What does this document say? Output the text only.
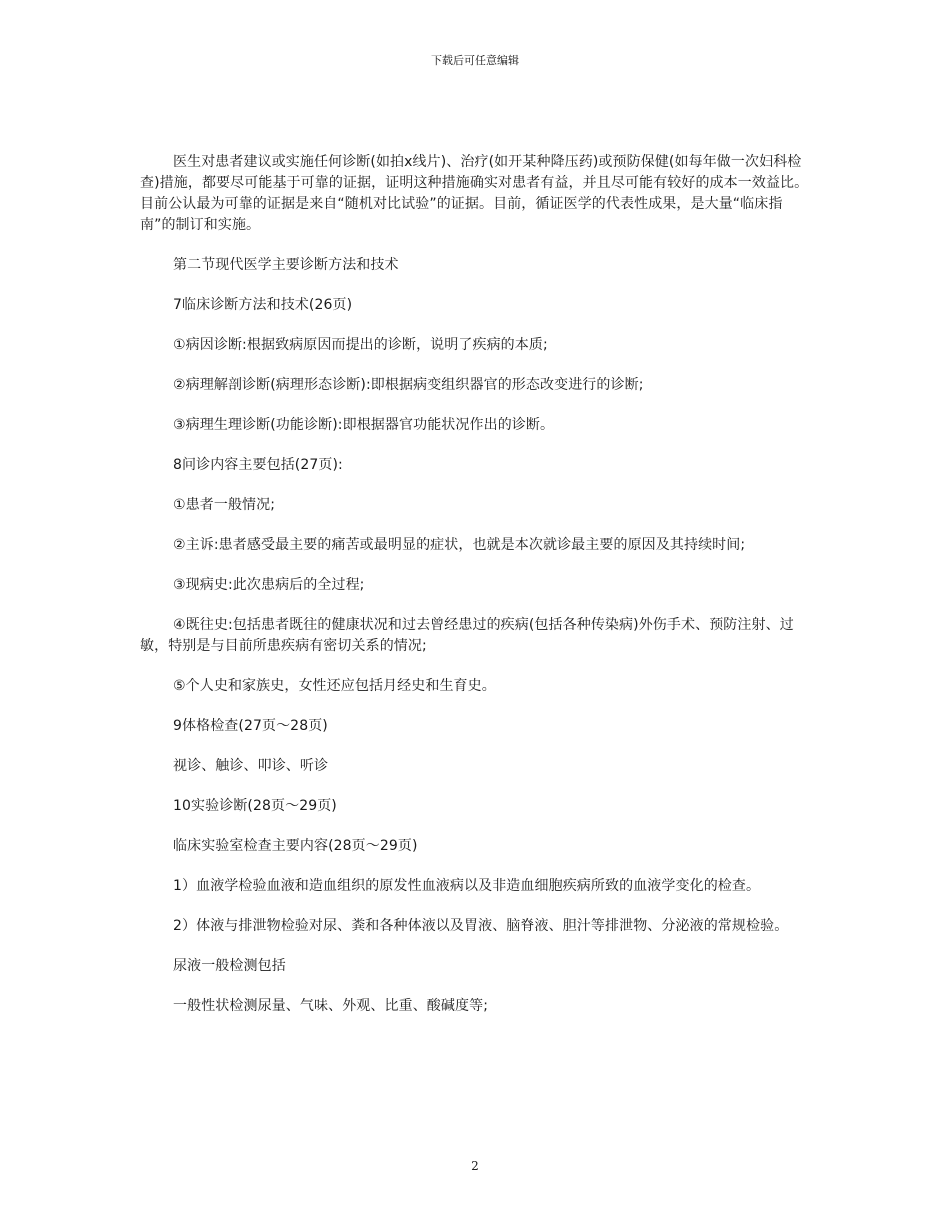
下载后可任意编辑

医生对患者建议或实施任何诊断(如拍x线片)、治疗(如开某种降压药)或预防保健(如每年做一次妇科检查)措施，都要尽可能基于可靠的证据，证明这种措施确实对患者有益，并且尽可能有较好的成本一效益比。目前公认最为可靠的证据是来自“随机对比试验”的证据。目前，循证医学的代表性成果，是大量“临床指南”的制订和实施。

第二节现代医学主要诊断方法和技术

7临床诊断方法和技术(26页)

①病因诊断:根据致病原因而提出的诊断，说明了疾病的本质;

②病理解剖诊断(病理形态诊断):即根据病变组织器官的形态改变进行的诊断;

③病理生理诊断(功能诊断):即根据器官功能状况作出的诊断。

8问诊内容主要包括(27页):

①患者一般情况;

②主诉:患者感受最主要的痛苦或最明显的症状，也就是本次就诊最主要的原因及其持续时间;

③现病史:此次患病后的全过程;

④既往史:包括患者既往的健康状况和过去曾经患过的疾病(包括各种传染病)外伤手术、预防注射、过敏，特别是与目前所患疾病有密切关系的情况;

⑤个人史和家族史，女性还应包括月经史和生育史。

9体格检查(27页～28页)

视诊、触诊、叩诊、听诊

10实验诊断(28页～29页)

临床实验室检查主要内容(28页～29页)

1）血液学检验血液和造血组织的原发性血液病以及非造血细胞疾病所致的血液学变化的检查。

2）体液与排泄物检验对尿、粪和各种体液以及胃液、脑脊液、胆汁等排泄物、分泌液的常规检验。

尿液一般检测包括

一般性状检测尿量、气味、外观、比重、酸碱度等;

2
